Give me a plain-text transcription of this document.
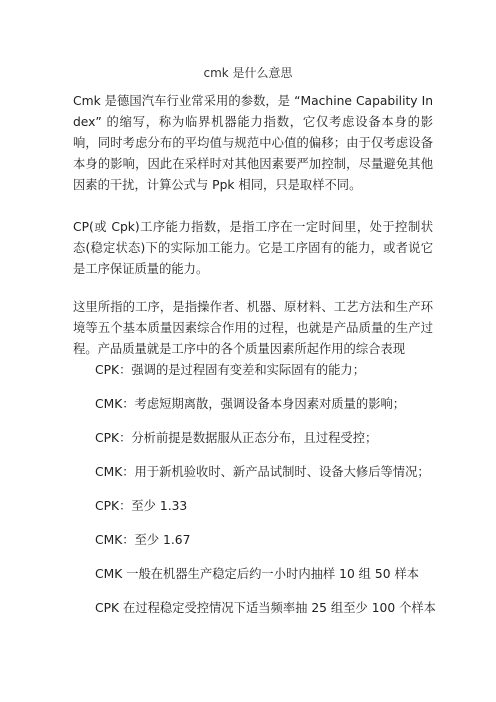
cmk 是什么意思
Cmk 是德国汽车行业常采用的参数，是 “Machine Capability Index” 的缩写，称为临界机器能力指数，它仅考虑设备本身的影响，同时考虑分布的平均值与规范中心值的偏移；由于仅考虑设备本身的影响，因此在采样时对其他因素要严加控制，尽量避免其他因素的干扰，计算公式与 Ppk 相同，只是取样不同。
CP(或 Cpk)工序能力指数，是指工序在一定时间里，处于控制状态(稳定状态)下的实际加工能力。它是工序固有的能力，或者说它是工序保证质量的能力。
这里所指的工序，是指操作者、机器、原材料、工艺方法和生产环境等五个基本质量因素综合作用的过程，也就是产品质量的生产过程。产品质量就是工序中的各个质量因素所起作用的综合表现
CPK：强调的是过程固有变差和实际固有的能力；
CMK：考虑短期离散，强调设备本身因素对质量的影响；
CPK：分析前提是数据服从正态分布，且过程受控；
CMK：用于新机验收时、新产品试制时、设备大修后等情况；
CPK：至少 1.33
CMK：至少 1.67
CMK 一般在机器生产稳定后约一小时内抽样 10 组 50 样本
CPK 在过程稳定受控情况下适当频率抽 25 组至少 100 个样本
